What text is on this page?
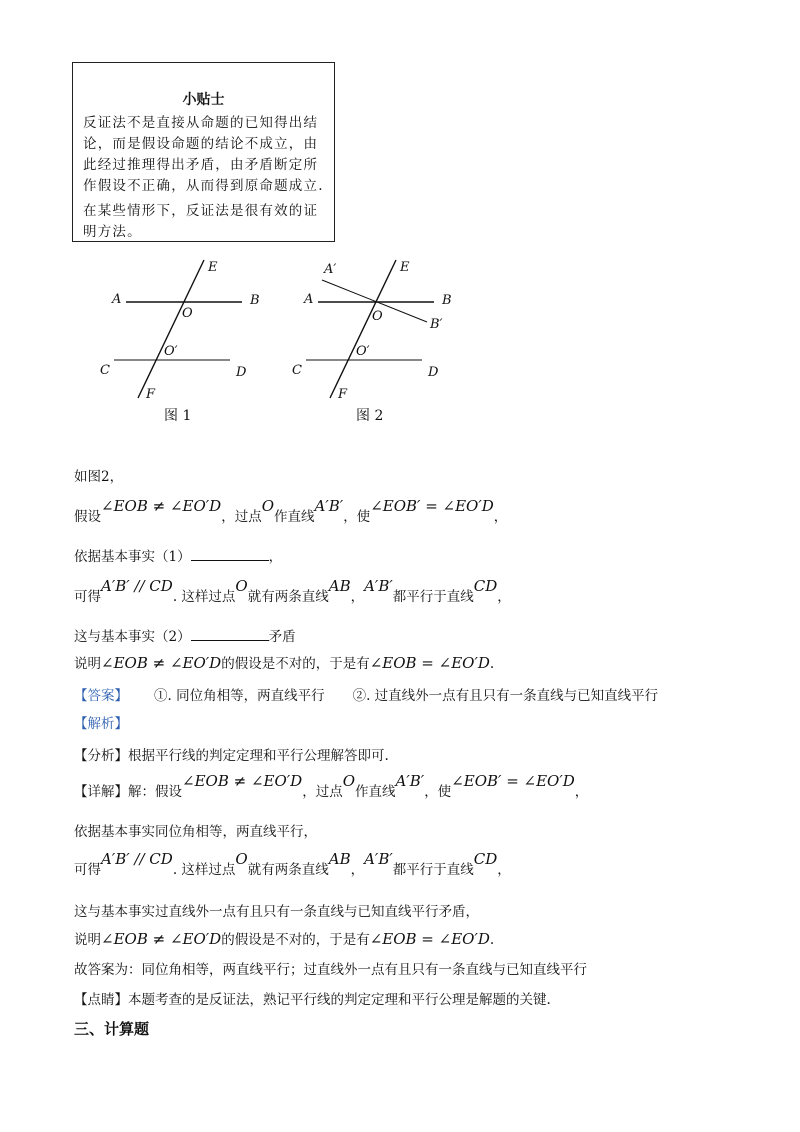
小贴士

反证法不是直接从命题的已知得出结论，而是假设命题的结论不成立，由此经过推理得出矛盾，由矛盾断定所作假设不正确，从而得到原命题成立.

在某些情形下，反证法是很有效的证明方法。

A	B
C	D
E
F
O
O′
图 1
A	B
C	D
E
F
O
O′
A′
B′
图 2
如图2，
假设∠EOB ≠ ∠EO′D，过点O作直线A′B′，使∠EOB′ = ∠EO′D，
依据基本事实（1）	，
可得A′B′ // CD. 这样过点O就有两条直线AB，A′B′都平行于直线CD，
这与基本事实（2）	矛盾
说明∠EOB ≠ ∠EO′D的假设是不对的，于是有∠EOB = ∠EO′D.
【答案】 ①. 同位角相等，两直线平行 ②. 过直线外一点有且只有一条直线与已知直线平行
【解析】
【分析】根据平行线的判定定理和平行公理解答即可.
【详解】解：假设∠EOB ≠ ∠EO′D，过点O作直线A′B′，使∠EOB′ = ∠EO′D，
依据基本事实同位角相等，两直线平行，
可得A′B′ // CD. 这样过点O就有两条直线AB，A′B′都平行于直线CD，
这与基本事实过直线外一点有且只有一条直线与已知直线平行矛盾，
说明∠EOB ≠ ∠EO′D的假设是不对的，于是有∠EOB = ∠EO′D.
故答案为：同位角相等，两直线平行；过直线外一点有且只有一条直线与已知直线平行
【点睛】本题考查的是反证法，熟记平行线的判定定理和平行公理是解题的关键.
三、计算题
